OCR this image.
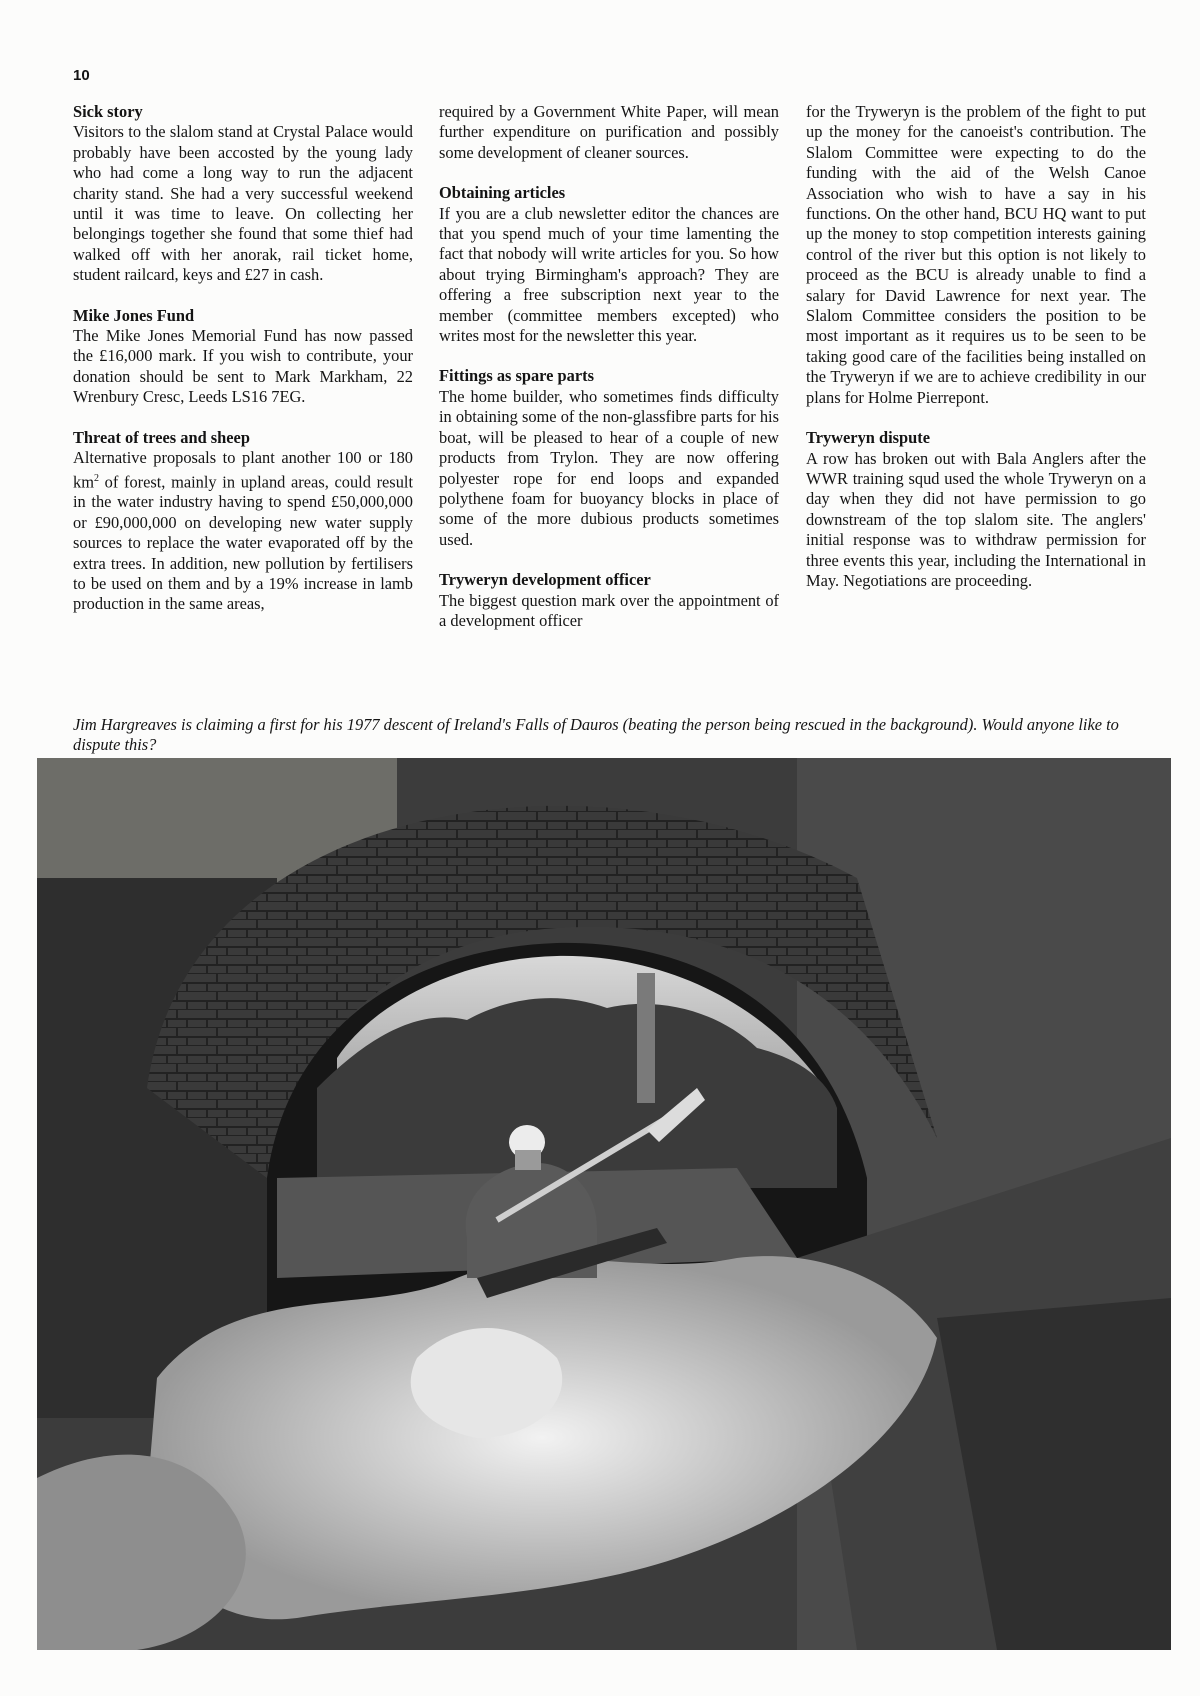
10
Sick story

Visitors to the slalom stand at Crystal Palace would probably have been accosted by the young lady who had come a long way to run the adjacent charity stand. She had a very successful weekend until it was time to leave. On collecting her belongings together she found that some thief had walked off with her anorak, rail ticket home, student railcard, keys and £27 in cash.

Mike Jones Fund

The Mike Jones Memorial Fund has now passed the £16,000 mark. If you wish to contribute, your donation should be sent to Mark Markham, 22 Wrenbury Cresc, Leeds LS16 7EG.

Threat of trees and sheep

Alternative proposals to plant another 100 or 180 $km^2$ of forest, mainly in upland areas, could result in the water industry having to spend £50,000,000 or £90,000,000 on developing new water supply sources to replace the water evaporated off by the extra trees. In addition, new pollution by fertilisers to be used on them and by a 19% increase in lamb production in the same areas,

required by a Government White Paper, will mean further expenditure on purification and possibly some development of cleaner sources.

Obtaining articles

If you are a club newsletter editor the chances are that you spend much of your time lamenting the fact that nobody will write articles for you. So how about trying Birmingham's approach? They are offering a free subscription next year to the member (committee members excepted) who writes most for the newsletter this year.

Fittings as spare parts

The home builder, who sometimes finds difficulty in obtaining some of the non-glassfibre parts for his boat, will be pleased to hear of a couple of new products from Trylon. They are now offering polyester rope for end loops and expanded polythene foam for buoyancy blocks in place of some of the more dubious products sometimes used.

Tryweryn development officer

The biggest question mark over the appointment of a development officer

for the Tryweryn is the problem of the fight to put up the money for the canoeist's contribution. The Slalom Committee were expecting to do the funding with the aid of the Welsh Canoe Association who wish to have a say in his functions. On the other hand, BCU HQ want to put up the money to stop competition interests gaining control of the river but this option is not likely to proceed as the BCU is already unable to find a salary for David Lawrence for next year. The Slalom Committee considers the position to be most important as it requires us to be seen to be taking good care of the facilities being installed on the Tryweryn if we are to achieve credibility in our plans for Holme Pierrepont.

Tryweryn dispute

A row has broken out with Bala Anglers after the WWR training squd used the whole Tryweryn on a day when they did not have permission to go downstream of the top slalom site. The anglers' initial response was to withdraw permission for three events this year, including the International in May. Negotiations are proceeding.

Jim Hargreaves is claiming a first for his 1977 descent of Ireland's Falls of Dauros (beating the person being rescued in the background). Would anyone like to dispute this?
